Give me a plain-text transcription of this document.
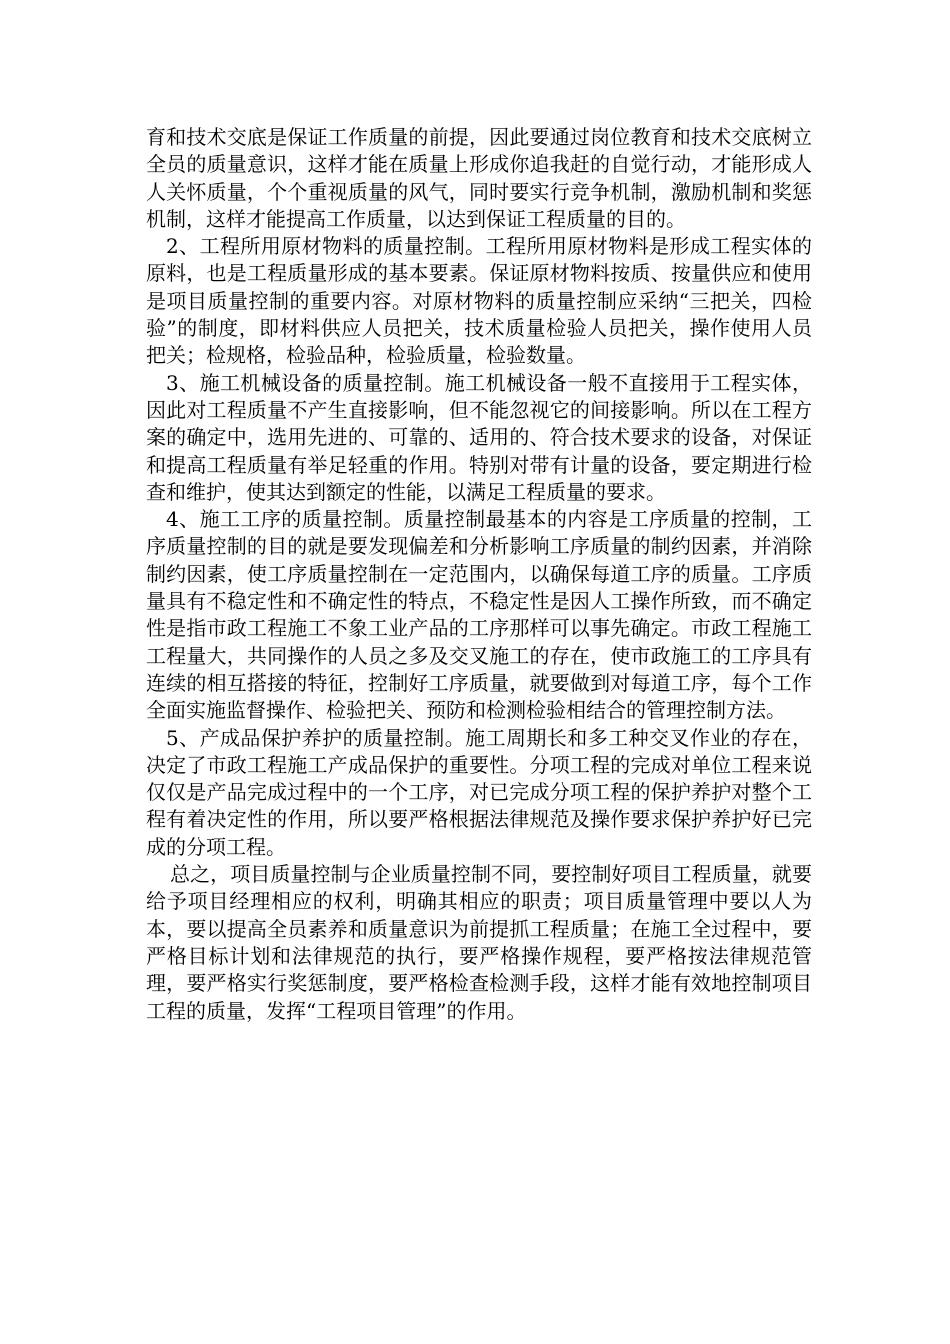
育和技术交底是保证工作质量的前提，因此要通过岗位教育和技术交底树立全员的质量意识，这样才能在质量上形成你追我赶的自觉行动，才能形成人人关怀质量，个个重视质量的风气，同时要实行竞争机制，激励机制和奖惩机制，这样才能提高工作质量，以达到保证工程质量的目的。

2、工程所用原材物料的质量控制。工程所用原材物料是形成工程实体的原料，也是工程质量形成的基本要素。保证原材物料按质、按量供应和使用是项目质量控制的重要内容。对原材物料的质量控制应采纳“三把关，四检验”的制度，即材料供应人员把关，技术质量检验人员把关，操作使用人员把关；检规格，检验品种，检验质量，检验数量。

3、施工机械设备的质量控制。施工机械设备一般不直接用于工程实体，因此对工程质量不产生直接影响，但不能忽视它的间接影响。所以在工程方案的确定中，选用先进的、可靠的、适用的、符合技术要求的设备，对保证和提高工程质量有举足轻重的作用。特别对带有计量的设备，要定期进行检查和维护，使其达到额定的性能，以满足工程质量的要求。

4、施工工序的质量控制。质量控制最基本的内容是工序质量的控制，工序质量控制的目的就是要发现偏差和分析影响工序质量的制约因素，并消除制约因素，使工序质量控制在一定范围内，以确保每道工序的质量。工序质量具有不稳定性和不确定性的特点，不稳定性是因人工操作所致，而不确定性是指市政工程施工不象工业产品的工序那样可以事先确定。市政工程施工工程量大，共同操作的人员之多及交叉施工的存在，使市政施工的工序具有连续的相互搭接的特征，控制好工序质量，就要做到对每道工序，每个工作全面实施监督操作、检验把关、预防和检测检验相结合的管理控制方法。

5、产成品保护养护的质量控制。施工周期长和多工种交叉作业的存在，决定了市政工程施工产成品保护的重要性。分项工程的完成对单位工程来说仅仅是产品完成过程中的一个工序，对已完成分项工程的保护养护对整个工程有着决定性的作用，所以要严格根据法律规范及操作要求保护养护好已完成的分项工程。

总之，项目质量控制与企业质量控制不同，要控制好项目工程质量，就要给予项目经理相应的权利，明确其相应的职责；项目质量管理中要以人为本，要以提高全员素养和质量意识为前提抓工程质量；在施工全过程中，要严格目标计划和法律规范的执行，要严格操作规程，要严格按法律规范管理，要严格实行奖惩制度，要严格检查检测手段，这样才能有效地控制项目工程的质量，发挥“工程项目管理”的作用。
